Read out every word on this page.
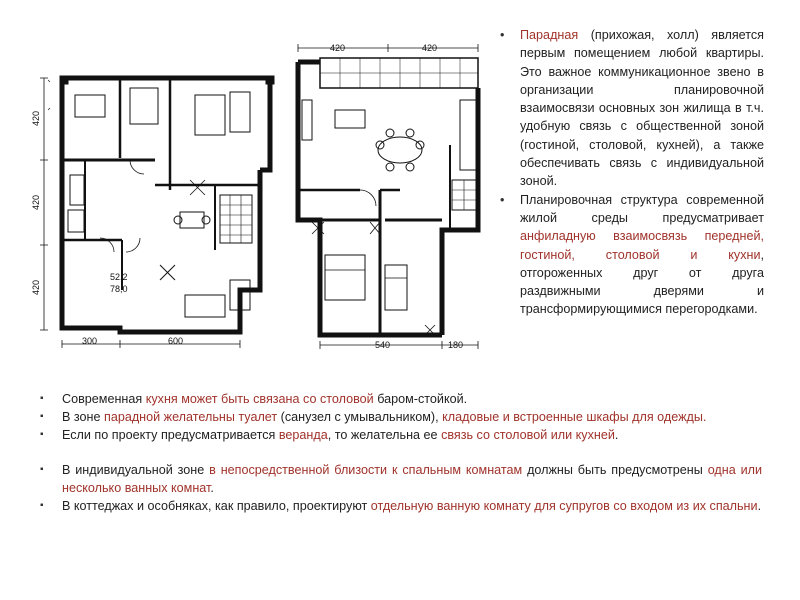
420
420
420
300	600
52,2
78,0
420	420
540	180
• Парадная (прихожая, холл) является первым помещением любой квартиры. Это важное коммуникационное звено в организации планировочной взаимосвязи основных зон жилища в т.ч. удобную связь с общественной зоной (гостиной, столовой, кухней), а также обеспечивать связь с индивидуальной зоной.
• Планировочная структура современной жилой среды предусматривает анфиладную взаимосвязь передней, гостиной, столовой и кухни, отгороженных друг от друга раздвижными дверями и трансформирующимися перегородками.
▪ Современная кухня может быть связана со столовой баром-стойкой.
▪ В зоне парадной желательны туалет (санузел с умывальником), кладовые и встроенные шкафы для одежды.
▪ Если по проекту предусматривается веранда, то желательна ее связь со столовой или кухней.
▪ В индивидуальной зоне в непосредственной близости к спальным комнатам должны быть предусмотрены одна или несколько ванных комнат.
▪ В коттеджах и особняках, как правило, проектируют отдельную ванную комнату для супругов со входом из их спальни.
